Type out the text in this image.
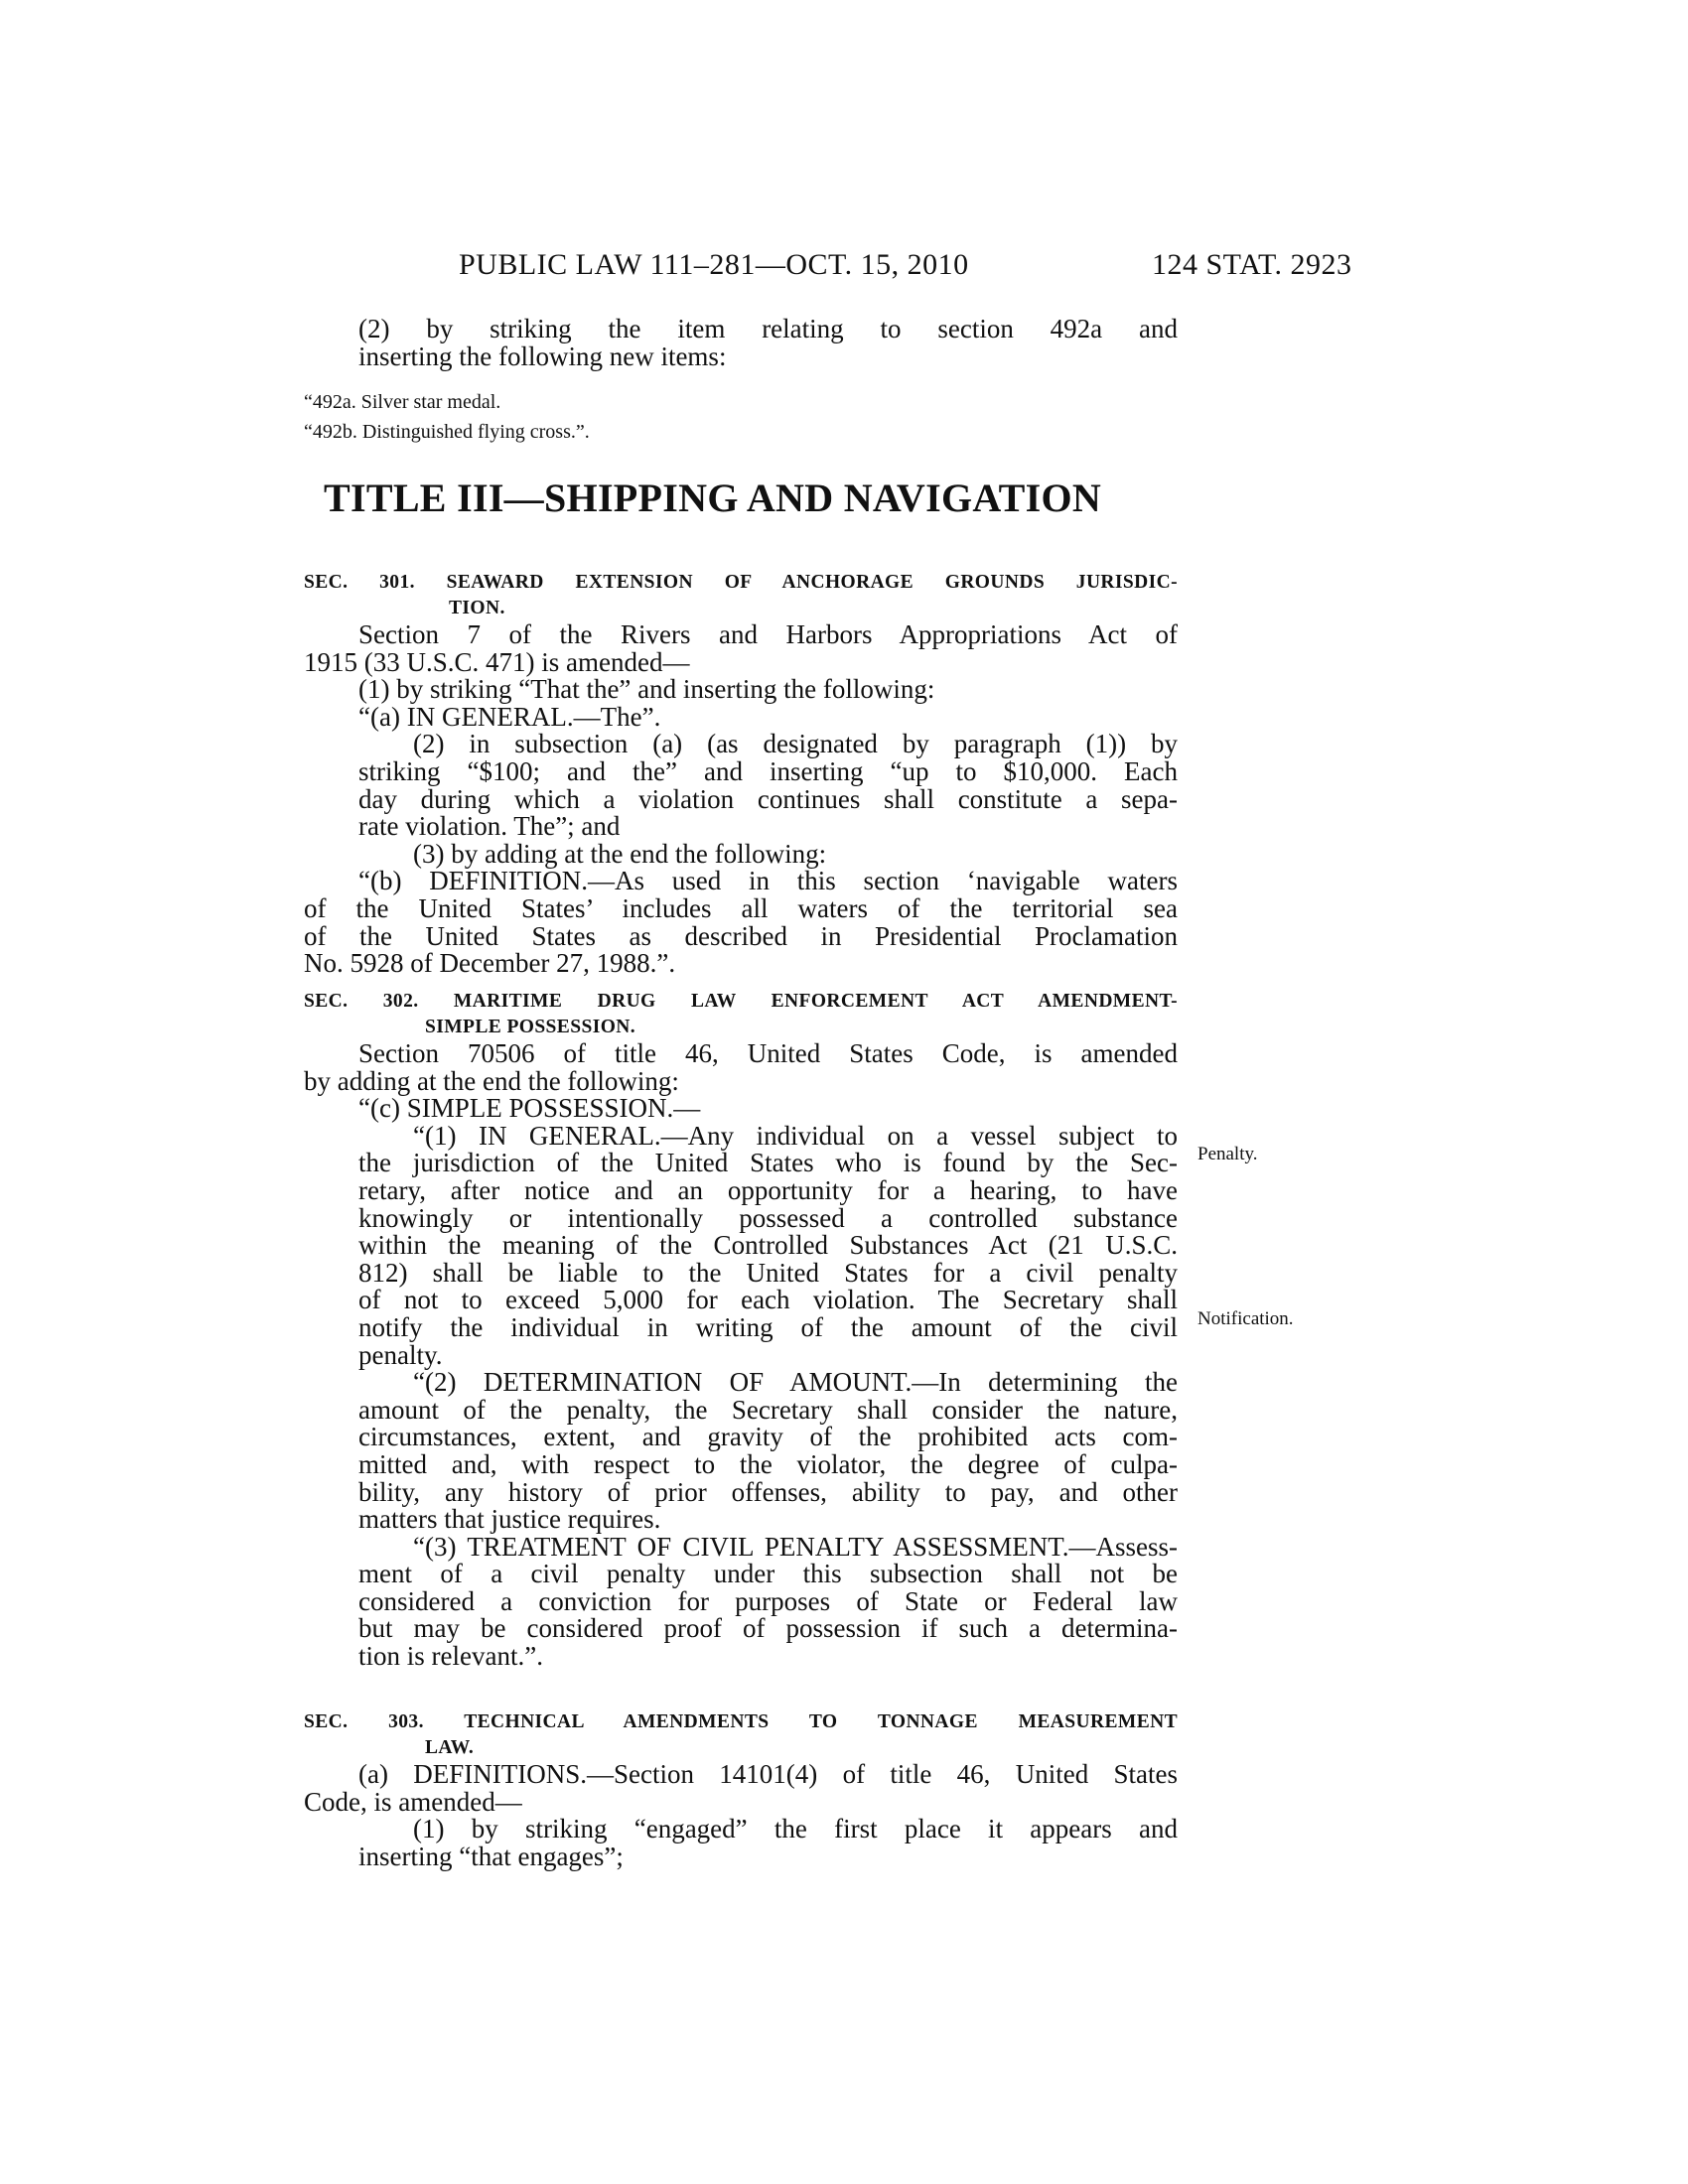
PUBLIC LAW 111–281—OCT. 15, 2010	124 STAT. 2923

(2) by striking the item relating to section 492a and

inserting the following new items:

“492a. Silver star medal.

“492b. Distinguished flying cross.”.

TITLE III—SHIPPING AND NAVIGATION

SEC. 301. SEAWARD EXTENSION OF ANCHORAGE GROUNDS JURISDIC-

TION.

Section 7 of the Rivers and Harbors Appropriations Act of

1915 (33 U.S.C. 471) is amended—

(1) by striking “That the” and inserting the following:

“(a) IN GENERAL.—The”.

(2) in subsection (a) (as designated by paragraph (1)) by

striking “$100; and the” and inserting “up to $10,000. Each

day during which a violation continues shall constitute a sepa-

rate violation. The”; and

(3) by adding at the end the following:

“(b) DEFINITION.—As used in this section ‘navigable waters

of the United States’ includes all waters of the territorial sea

of the United States as described in Presidential Proclamation

No. 5928 of December 27, 1988.”.

SEC. 302. MARITIME DRUG LAW ENFORCEMENT ACT AMENDMENT-

SIMPLE POSSESSION.

Section 70506 of title 46, United States Code, is amended

by adding at the end the following:

“(c) SIMPLE POSSESSION.—

“(1) IN GENERAL.—Any individual on a vessel subject to

the jurisdiction of the United States who is found by the Sec-

retary, after notice and an opportunity for a hearing, to have

knowingly or intentionally possessed a controlled substance

within the meaning of the Controlled Substances Act (21 U.S.C.

812) shall be liable to the United States for a civil penalty

of not to exceed 5,000 for each violation. The Secretary shall

notify the individual in writing of the amount of the civil

penalty.

“(2) DETERMINATION OF AMOUNT.—In determining the

amount of the penalty, the Secretary shall consider the nature,

circumstances, extent, and gravity of the prohibited acts com-

mitted and, with respect to the violator, the degree of culpa-

bility, any history of prior offenses, ability to pay, and other

matters that justice requires.

“(3) TREATMENT OF CIVIL PENALTY ASSESSMENT.—Assess-

ment of a civil penalty under this subsection shall not be

considered a conviction for purposes of State or Federal law

but may be considered proof of possession if such a determina-

tion is relevant.”.

Penalty.
Notification.

SEC. 303. TECHNICAL AMENDMENTS TO TONNAGE MEASUREMENT

LAW.

(a) DEFINITIONS.—Section 14101(4) of title 46, United States

Code, is amended—

(1) by striking “engaged” the first place it appears and

inserting “that engages”;
